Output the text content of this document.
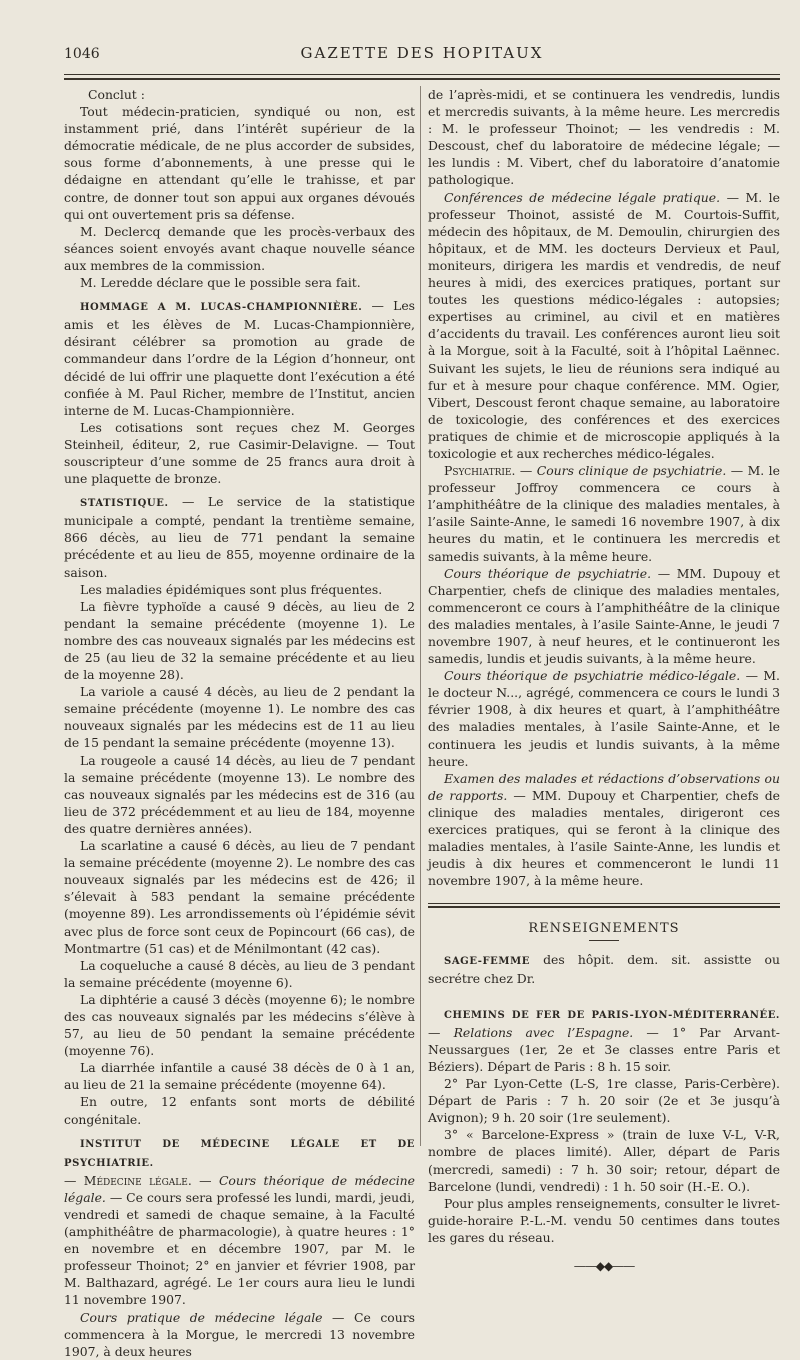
1046	GAZETTE DES HOPITAUX

Conclut :

Tout médecin-praticien, syndiqué ou non, est instamment prié, dans l’intérêt supérieur de la démocratie médicale, de ne plus accorder de subsides, sous forme d’abonnements, à une presse qui le dédaigne en attendant qu’elle le trahisse, et par contre, de donner tout son appui aux organes dévoués qui ont ouvertement pris sa défense.

M. Declercq demande que les procès-verbaux des séances soient envoyés avant chaque nouvelle séance aux membres de la commission.

M. Leredde déclare que le possible sera fait.

HOMMAGE A M. LUCAS-CHAMPIONNIÈRE. — Les amis et les élèves de M. Lucas-Championnière, désirant célébrer sa promotion au grade de commandeur dans l’ordre de la Légion d’honneur, ont décidé de lui offrir une plaquette dont l’exécution a été confiée à M. Paul Richer, membre de l’Institut, ancien interne de M. Lucas-Championnière.

Les cotisations sont reçues chez M. Georges Steinheil, éditeur, 2, rue Casimir-Delavigne. — Tout souscripteur d’une somme de 25 francs aura droit à une plaquette de bronze.

STATISTIQUE. — Le service de la statistique municipale a compté, pendant la trentième semaine, 866 décès, au lieu de 771 pendant la semaine précédente et au lieu de 855, moyenne ordinaire de la saison.

Les maladies épidémiques sont plus fréquentes.

La fièvre typhoïde a causé 9 décès, au lieu de 2 pendant la semaine précédente (moyenne 1). Le nombre des cas nouveaux signalés par les médecins est de 25 (au lieu de 32 la semaine précédente et au lieu de la moyenne 28).

La variole a causé 4 décès, au lieu de 2 pendant la semaine précédente (moyenne 1). Le nombre des cas nouveaux signalés par les médecins est de 11 au lieu de 15 pendant la semaine précédente (moyenne 13).

La rougeole a causé 14 décès, au lieu de 7 pendant la semaine précédente (moyenne 13). Le nombre des cas nouveaux signalés par les médecins est de 316 (au lieu de 372 précédemment et au lieu de 184, moyenne des quatre dernières années).

La scarlatine a causé 6 décès, au lieu de 7 pendant la semaine précédente (moyenne 2). Le nombre des cas nouveaux signalés par les médecins est de 426; il s’élevait à 583 pendant la semaine précédente (moyenne 89). Les arrondissements où l’épidémie sévit avec plus de force sont ceux de Popincourt (66 cas), de Montmartre (51 cas) et de Ménilmontant (42 cas).

La coqueluche a causé 8 décès, au lieu de 3 pendant la semaine précédente (moyenne 6).

La diphtérie a causé 3 décès (moyenne 6); le nombre des cas nouveaux signalés par les médecins s’élève à 57, au lieu de 50 pendant la semaine précédente (moyenne 76).

La diarrhée infantile a causé 38 décès de 0 à 1 an, au lieu de 21 la semaine précédente (moyenne 64).

En outre, 12 enfants sont morts de débilité congénitale.

INSTITUT DE MÉDECINE LÉGALE ET DE PSYCHIATRIE.

— Médecine légale. — Cours théorique de médecine légale. — Ce cours sera professé les lundi, mardi, jeudi, vendredi et samedi de chaque semaine, à la Faculté (amphithéâtre de pharmacologie), à quatre heures : 1° en novembre et en décembre 1907, par M. le professeur Thoinot; 2° en janvier et février 1908, par M. Balthazard, agrégé. Le 1er cours aura lieu le lundi 11 novembre 1907.

Cours pratique de médecine légale — Ce cours commencera à la Morgue, le mercredi 13 novembre 1907, à deux heures

de l’après-midi, et se continuera les vendredis, lundis et mercredis suivants, à la même heure. Les mercredis : M. le professeur Thoinot; — les vendredis : M. Descoust, chef du laboratoire de médecine légale; — les lundis : M. Vibert, chef du laboratoire d’anatomie pathologique.

Conférences de médecine légale pratique. — M. le professeur Thoinot, assisté de M. Courtois-Suffit, médecin des hôpitaux, de M. Demoulin, chirurgien des hôpitaux, et de MM. les docteurs Dervieux et Paul, moniteurs, dirigera les mardis et vendredis, de neuf heures à midi, des exercices pratiques, portant sur toutes les questions médico-légales : autopsies; expertises au criminel, au civil et en matières d’accidents du travail. Les conférences auront lieu soit à la Morgue, soit à la Faculté, soit à l’hôpital Laënnec. Suivant les sujets, le lieu de réunions sera indiqué au fur et à mesure pour chaque conférence. MM. Ogier, Vibert, Descoust feront chaque semaine, au laboratoire de toxicologie, des conférences et des exercices pratiques de chimie et de microscopie appliqués à la toxicologie et aux recherches médico-légales.

Psychiatrie. — Cours clinique de psychiatrie. — M. le professeur Joffroy commencera ce cours à l’amphithéâtre de la clinique des maladies mentales, à l’asile Sainte-Anne, le samedi 16 novembre 1907, à dix heures du matin, et le continuera les mercredis et samedis suivants, à la même heure.

Cours théorique de psychiatrie. — MM. Dupouy et Charpentier, chefs de clinique des maladies mentales, commenceront ce cours à l’amphithéâtre de la clinique des maladies mentales, à l’asile Sainte-Anne, le jeudi 7 novembre 1907, à neuf heures, et le continueront les samedis, lundis et jeudis suivants, à la même heure.

Cours théorique de psychiatrie médico-légale. — M. le docteur N..., agrégé, commencera ce cours le lundi 3 février 1908, à dix heures et quart, à l’amphithéâtre des maladies mentales, à l’asile Sainte-Anne, et le continuera les jeudis et lundis suivants, à la même heure.

Examen des malades et rédactions d’observations ou de rapports. — MM. Dupouy et Charpentier, chefs de clinique des maladies mentales, dirigeront ces exercices pratiques, qui se feront à la clinique des maladies mentales, à l’asile Sainte-Anne, les lundis et jeudis à dix heures et commenceront le lundi 11 novembre 1907, à la même heure.

RENSEIGNEMENTS

SAGE-FEMME des hôpit. dem. sit. assistte ou secrétre chez Dr.

CHEMINS DE FER DE PARIS-LYON-MÉDITERRANÉE. — Relations avec l’Espagne. — 1° Par Arvant-Neussargues (1er, 2e et 3e classes entre Paris et Béziers). Départ de Paris : 8 h. 15 soir.

2° Par Lyon-Cette (L-S, 1re classe, Paris-Cerbère). Départ de Paris : 7 h. 20 soir (2e et 3e jusqu’à Avignon); 9 h. 20 soir (1re seulement).

3° « Barcelone-Express » (train de luxe V-L, V-R, nombre de places limité). Aller, départ de Paris (mercredi, samedi) : 7 h. 30 soir; retour, départ de Barcelone (lundi, vendredi) : 1 h. 50 soir (H.-E. O.).

Pour plus amples renseignements, consulter le livret-guide-horaire P.-L.-M. vendu 50 centimes dans toutes les gares du réseau.

——◆◆——
